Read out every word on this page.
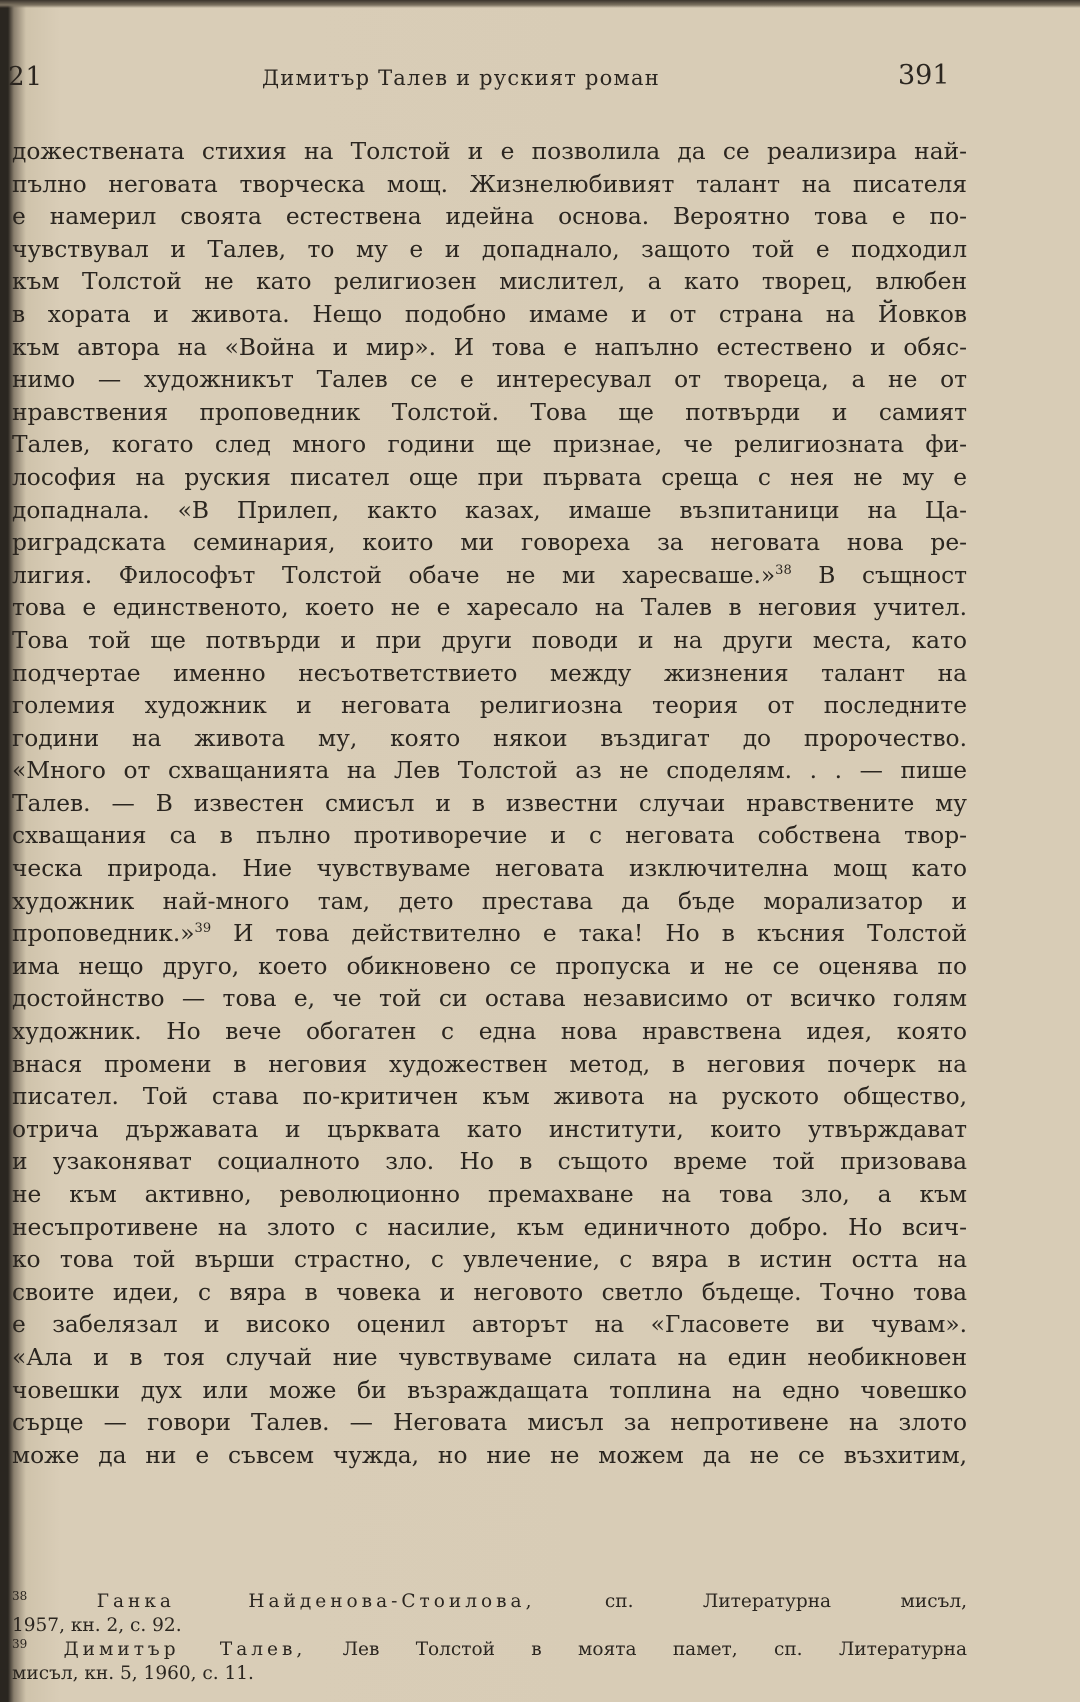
21	Димитър Талев и руският роман	391
дожествената стихия на Толстой и е позволила да се реализира най-
пълно неговата творческа мощ. Жизнелюбивият талант на писателя
е намерил своята естествена идейна основа. Вероятно това е по-
чувствувал и Талев, то му е и допаднало, защото той е подходил
към Толстой не като религиозен мислител, а като творец, влюбен
в хората и живота. Нещо подобно имаме и от страна на Йовков
към автора на «Война и мир». И това е напълно естествено и обяс-
нимо — художникът Талев се е интересувал от твореца, а не от
нравствения проповедник Толстой. Това ще потвърди и самият
Талев, когато след много години ще признае, че религиозната фи-
лософия на руския писател още при първата среща с нея не му е
допаднала. «В Прилеп, както казах, имаше възпитаници на Ца-
риградската семинария, които ми говореха за неговата нова ре-
лигия. Философът Толстой обаче не ми харесваше.»$^{38}$ В същност
това е единственото, което не е харесало на Талев в неговия учител.
Това той ще потвърди и при други поводи и на други места, като
подчертае именно несъответствието между жизнения талант на
големия художник и неговата религиозна теория от последните
години на живота му, която някои въздигат до пророчество.
«Много от схващанията на Лев Толстой аз не споделям. . . — пише
Талев. — В известен смисъл и в известни случаи нравствените му
схващания са в пълно противоречие и с неговата собствена твор-
ческа природа. Ние чувствуваме неговата изключителна мощ като
художник най-много там, дето престава да бъде морализатор и
проповедник.»$^{39}$ И това действително е така! Но в късния Толстой
има нещо друго, което обикновено се пропуска и не се оценява по
достойнство — това е, че той си остава независимо от всичко голям
художник. Но вече обогатен с една нова нравствена идея, която
внася промени в неговия художествен метод, в неговия почерк на
писател. Той става по-критичен към живота на руското общество,
отрича държавата и църквата като институти, които утвърждават
и узаконяват социалното зло. Но в същото време той призовава
не към активно, революционно премахване на това зло, а към
несъпротивене на злото с насилие, към единичното добро. Но всич-
ко това той върши страстно, с увлечение, с вяра в истин остта на
своите идеи, с вяра в човека и неговото светло бъдеще. Точно това
е забелязал и високо оценил авторът на «Гласовете ви чувам».
«Ала и в тоя случай ние чувствуваме силата на един необикновен
човешки дух или може би възраждащата топлина на едно човешко
сърце — говори Талев. — Неговата мисъл за непротивене на злото
може да ни е съвсем чужда, но ние не можем да не се възхитим,
$^{38}$	Ганка Найденова-Стоилова, сп. Литературна мисъл,
1957, кн. 2, с. 92.
$^{39}$ Димитър Талев, Лев Толстой в моята памет, сп. Литературна
мисъл, кн. 5, 1960, с. 11.
